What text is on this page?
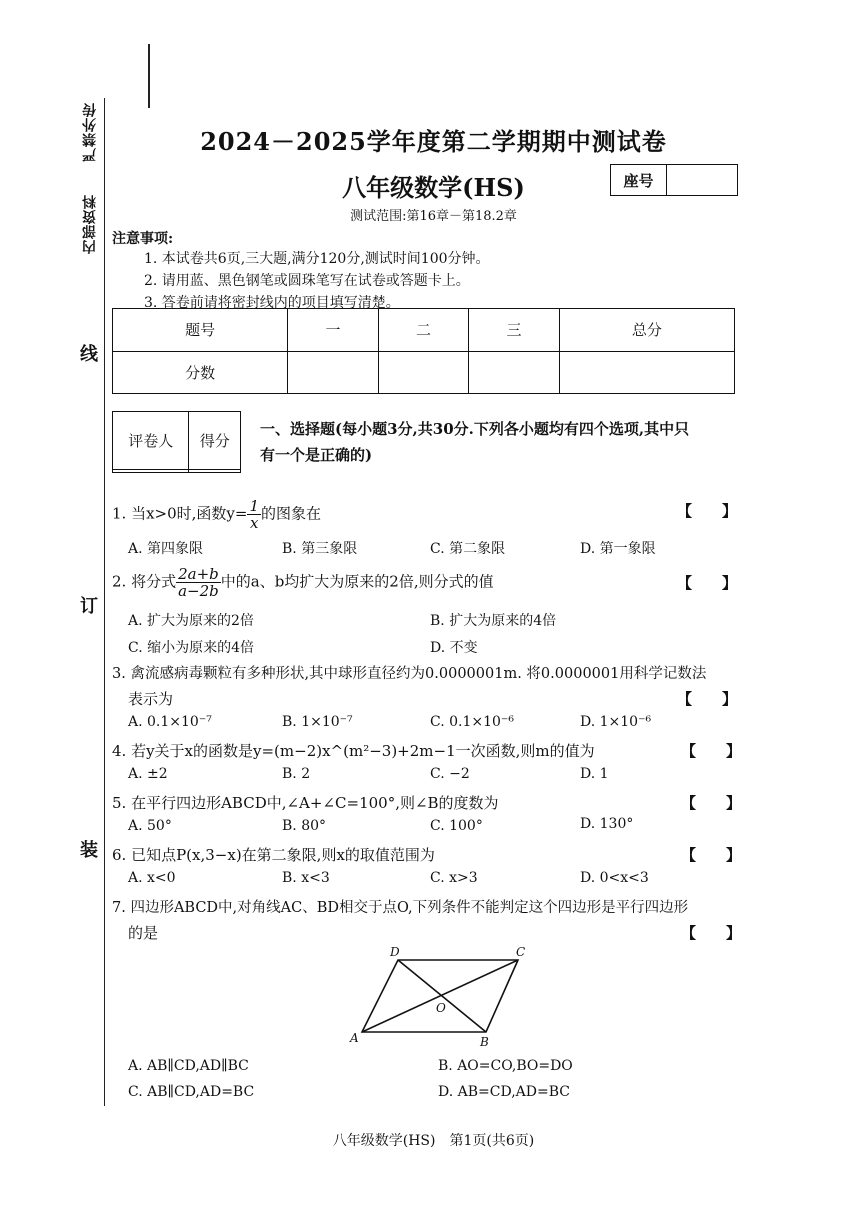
严禁外传
内部资料
线
订
装
2024－2025学年度第二学期期中测试卷
八年级数学(HS)	座号
测试范围:第16章－第18.2章
注意事项:
1. 本试卷共6页,三大题,满分120分,测试时间100分钟。
2. 请用蓝、黑色钢笔或圆珠笔写在试卷或答题卡上。
3. 答卷前请将密封线内的项目填写清楚。
题号	一	二	三	总分
分数				
评卷人	得分

一、选择题(每小题3分,共30分.下列各小题均有四个选项,其中只
有一个是正确的)
1. 当x>0时,函数$y= \frac{1}{x}$ 的图象在	【　　】
A. 第四象限	B. 第三象限	C. 第二象限	D. 第一象限
2. 将分式 $\frac{2a+b}{a-2b}$ 中的a、b均扩大为原来的2倍,则分式的值	【　　】
A. 扩大为原来的2倍	B. 扩大为原来的4倍
C. 缩小为原来的4倍	D. 不变
3. 禽流感病毒颗粒有多种形状,其中球形直径约为0.0000001m. 将0.0000001用科学记数法
表示为	【　　】
A. 0.1×10⁻⁷	B. 1×10⁻⁷	C. 0.1×10⁻⁶	D. 1×10⁻⁶
4. 若y关于x的函数是y=(m−2)x^(m²−3)+2m−1一次函数,则m的值为	【　　】
A. ±2	B. 2	C. −2	D. 1
5. 在平行四边形ABCD中,∠A+∠C=100°,则∠B的度数为	【　　】
A. 50°	B. 80°	C. 100°	D. 130°
6. 已知点P(x,3−x)在第二象限,则x的取值范围为	【　　】
A. x<0	B. x<3	C. x>3	D. 0<x<3
7. 四边形ABCD中,对角线AC、BD相交于点O,下列条件不能判定这个四边形是平行四边形
的是	【　　】
A	B
C
D
O
A. AB∥CD,AD∥BC	B. AO=CO,BO=DO
C. AB∥CD,AD=BC	D. AB=CD,AD=BC
八年级数学(HS)　第1页(共6页)
